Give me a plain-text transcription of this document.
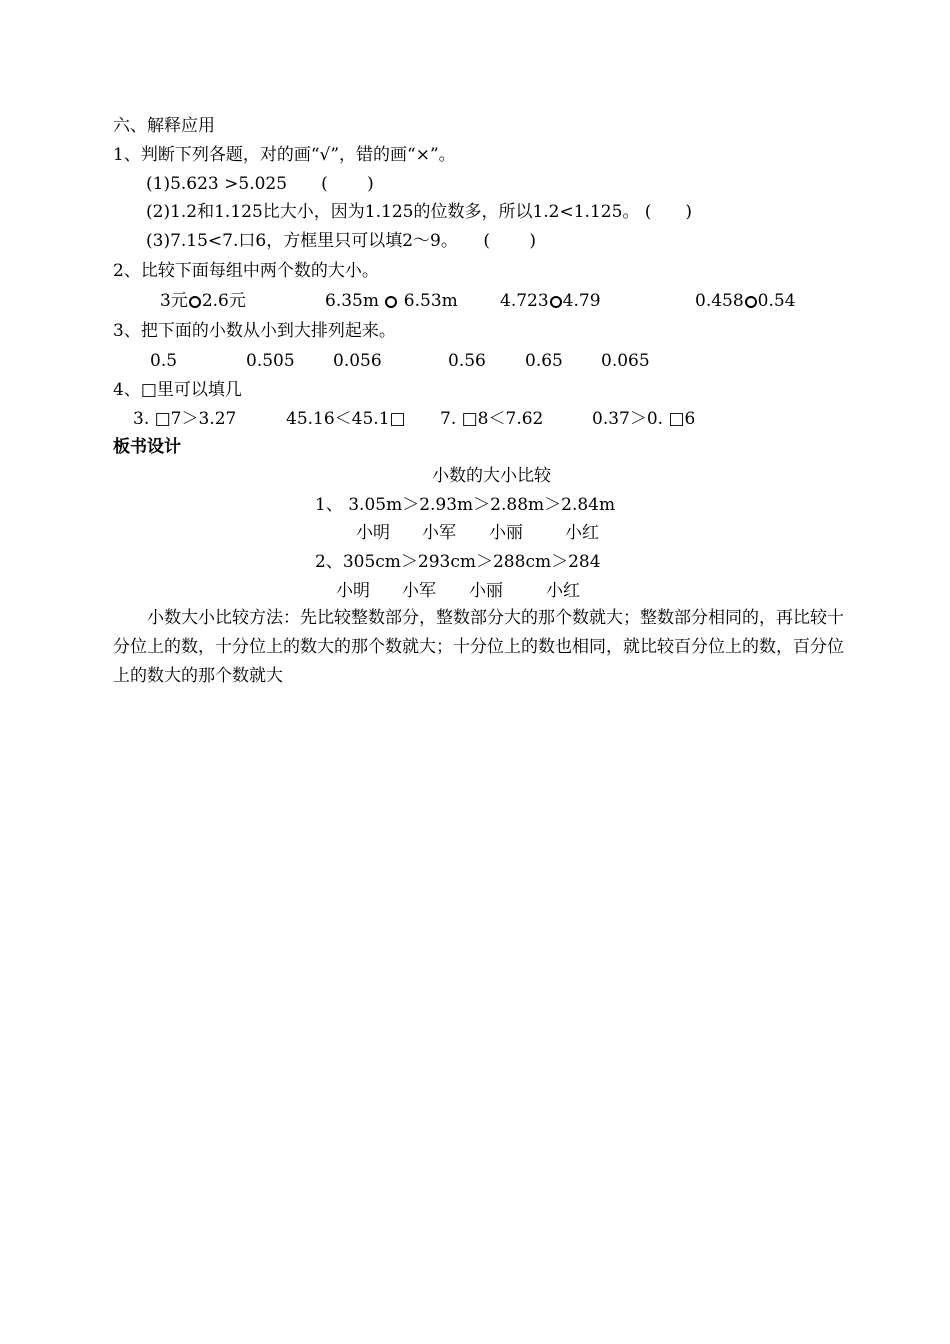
六、解释应用
1、判断下列各题，对的画“√”，错的画“×”。
(1)5.623 >5.025　　(　　 )
(2)1.2和1.125比大小，因为1.125的位数多，所以1.2<1.125。 (　　)
(3)7.15<7.口6，方框里只可以填2～9。　　(　　 )
2、比较下面每组中两个数的大小。
3元 2.6元	6.35m  6.53m 4.723 4.79	0.458 0.54
3、把下面的小数从小到大排列起来。
0.5	0.505 0.056	0.56 0.65 0.065
4、□里可以填几
3. □7＞3.27	45.16＜45.1□ 7. □8＜7.62	0.37＞0. □6
板书设计
小数的大小比较
1、 3.05m＞2.93m＞2.88m＞2.84m
小明 小军 小丽 小红
2、305cm＞293cm＞288cm＞284
小明 小军 小丽	小红
小数大小比较方法：先比较整数部分，整数部分大的那个数就大；整数部分相同的，再比较十分位上的数，十分位上的数大的那个数就大；十分位上的数也相同，就比较百分位上的数，百分位上的数大的那个数就大
